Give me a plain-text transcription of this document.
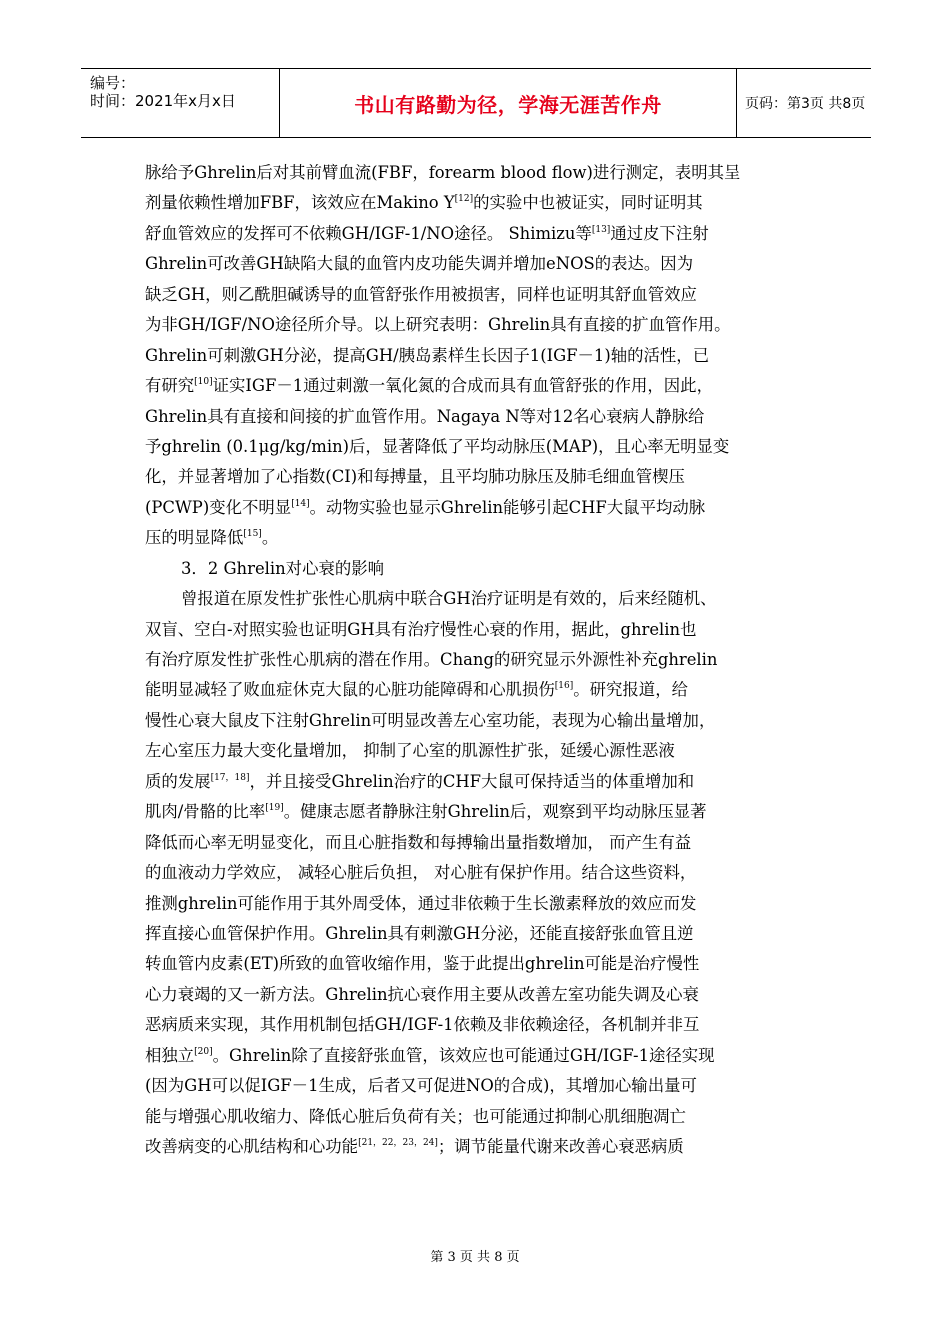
编号：
时间：2021年x月x日	书山有路勤为径，学海无涯苦作舟	页码：第3页 共8页
脉给予Ghrelin后对其前臂血流(FBF，forearm blood flow)进行测定，表明其呈
剂量依赖性增加FBF，该效应在Makino Y[12]的实验中也被证实，同时证明其
舒血管效应的发挥可不依赖GH/IGF-1/NO途径。 Shimizu等[13]通过皮下注射
Ghrelin可改善GH缺陷大鼠的血管内皮功能失调并增加eNOS的表达。因为
缺乏GH，则乙酰胆碱诱导的血管舒张作用被损害，同样也证明其舒血管效应
为非GH/IGF/NO途径所介导。以上研究表明：Ghrelin具有直接的扩血管作用。
Ghrelin可刺激GH分泌，提高GH/胰岛素样生长因子1(IGF－1)轴的活性，已
有研究[10]证实IGF－1通过刺激一氧化氮的合成而具有血管舒张的作用，因此，
Ghrelin具有直接和间接的扩血管作用。Nagaya N等对12名心衰病人静脉给
予ghrelin (0.1μg/kg/min)后，显著降低了平均动脉压(MAP)，且心率无明显变
化，并显著增加了心指数(CI)和每搏量，且平均肺功脉压及肺毛细血管楔压
(PCWP)变化不明显[14]。动物实验也显示Ghrelin能够引起CHF大鼠平均动脉
压的明显降低[15]。
3．2 Ghrelin对心衰的影响
曾报道在原发性扩张性心肌病中联合GH治疗证明是有效的，后来经随机、
双盲、空白-对照实验也证明GH具有治疗慢性心衰的作用，据此，ghrelin也
有治疗原发性扩张性心肌病的潜在作用。Chang的研究显示外源性补充ghrelin
能明显减轻了败血症休克大鼠的心脏功能障碍和心肌损伤[16]。研究报道，给
慢性心衰大鼠皮下注射Ghrelin可明显改善左心室功能，表现为心输出量增加，
左心室压力最大变化量增加， 抑制了心室的肌源性扩张，延缓心源性恶液
质的发展[17，18]，并且接受Ghrelin治疗的CHF大鼠可保持适当的体重增加和
肌肉/骨骼的比率[19]。健康志愿者静脉注射Ghrelin后，观察到平均动脉压显著
降低而心率无明显变化，而且心脏指数和每搏输出量指数增加， 而产生有益
的血液动力学效应， 减轻心脏后负担， 对心脏有保护作用。结合这些资料，
推测ghrelin可能作用于其外周受体，通过非依赖于生长激素释放的效应而发
挥直接心血管保护作用。Ghrelin具有刺激GH分泌，还能直接舒张血管且逆
转血管内皮素(ET)所致的血管收缩作用，鉴于此提出ghrelin可能是治疗慢性
心力衰竭的又一新方法。Ghrelin抗心衰作用主要从改善左室功能失调及心衰
恶病质来实现，其作用机制包括GH/IGF-1依赖及非依赖途径，各机制并非互
相独立[20]。Ghrelin除了直接舒张血管，该效应也可能通过GH/IGF-1途径实现
(因为GH可以促IGF－1生成，后者又可促进NO的合成)，其增加心输出量可
能与增强心肌收缩力、降低心脏后负荷有关；也可能通过抑制心肌细胞凋亡
改善病变的心肌结构和心功能[21，22，23，24]；调节能量代谢来改善心衰恶病质
第 3 页 共 8 页
